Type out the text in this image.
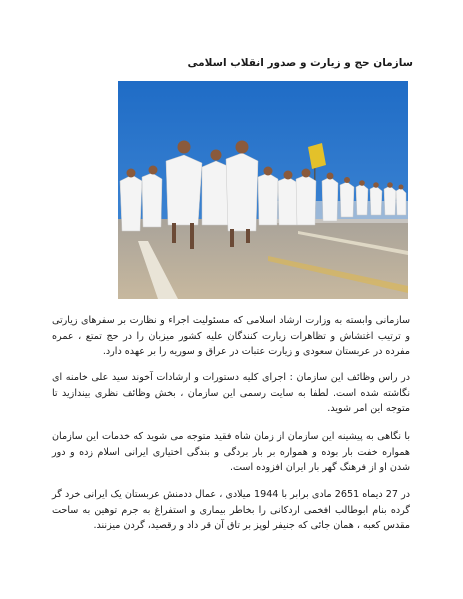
سازمان حج و زیارت و صدور انقلاب اسلامی

سازمانی وابسته به وزارت ارشاد اسلامی که مسئولیت اجراء و نظارت بر سفرهای زیارتی و ترتیب اغتشاش و تظاهرات زیارت کنندگان علیه کشور میزبان را در حج تمتع ، عمره مفرده در عربستان سعودی و زیارت عتبات در عراق و سوریه را بر عهده دارد.

در راس وظائف این سازمان : اجرای کلیه دستورات و ارشادات آخوند سید علی خامنه ای نگاشته شده است. لطفا به سایت رسمی این سازمان ، بخش وظائف نظری بیندازید تا متوجه این امر شوید.

با نگاهی به پیشینه این سازمان از زمان شاه فقید متوجه می شوید که خدمات این سازمان همواره خفت بار بوده و همواره بر بار بردگی و بندگی اختیاری ایرانی اسلام زده و دور شدن او از فرهنگ گهر بار ایران افزوده است.

در 27 دیماه 2651 مادی برابر با 1944 میلادی ، عمال ددمنش عربستان یک ایرانی خرد گر گرده بنام ابوطالب افخمی اردکانی را بخاطر بیماری و استفراغ به جرم توهین به ساحت مقدس کعبه ، همان جائی که جنیفر لوپز بر تاق آن قر داد و رقصید، گردن میزنند.
